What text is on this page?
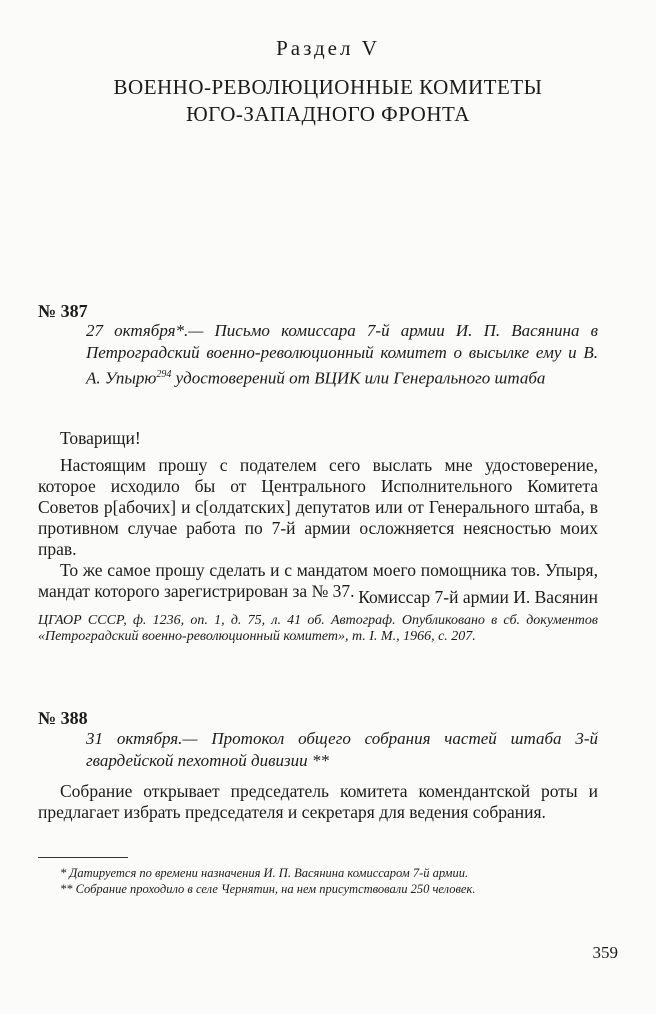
Раздел V
ВОЕННО-РЕВОЛЮЦИОННЫЕ КОМИТЕТЫ
ЮГО-ЗАПАДНОГО ФРОНТА
№ 387
27 октября*.— Письмо комиссара 7-й армии И. П. Васянина в Петроградский военно-революционный комитет о высылке ему и В. А. Упырю$^{294}$ удостоверений от ВЦИК или Генерального штаба

Товарищи!

Настоящим прошу с подателем сего выслать мне удостоверение, которое исходило бы от Центрального Исполнительного Комитета Советов р[абочих] и с[олдатских] депутатов или от Генерального штаба, в противном случае работа по 7-й армии осложняется неясностью моих прав.

То же самое прошу сделать и с мандатом моего помощника тов. Упыря, мандат которого зарегистрирован за № 37. Комиссар 7-й армии И. Васянин
ЦГАОР СССР, ф. 1236, оп. 1, д. 75, л. 41 об. Автограф. Опубликовано в сб. документов «Петроградский военно-революционный комитет», т. I. М., 1966, с. 207.
№ 388
31 октября.— Протокол общего собрания частей штаба 3-й гвардейской пехотной дивизии **

Собрание открывает председатель комитета комендантской роты и предлагает избрать председателя и секретаря для ведения собрания.

* Датируется по времени назначения И. П. Васянина комиссаром 7-й армии.

** Собрание проходило в селе Чернятин, на нем присутствовали 250 человек.

359
